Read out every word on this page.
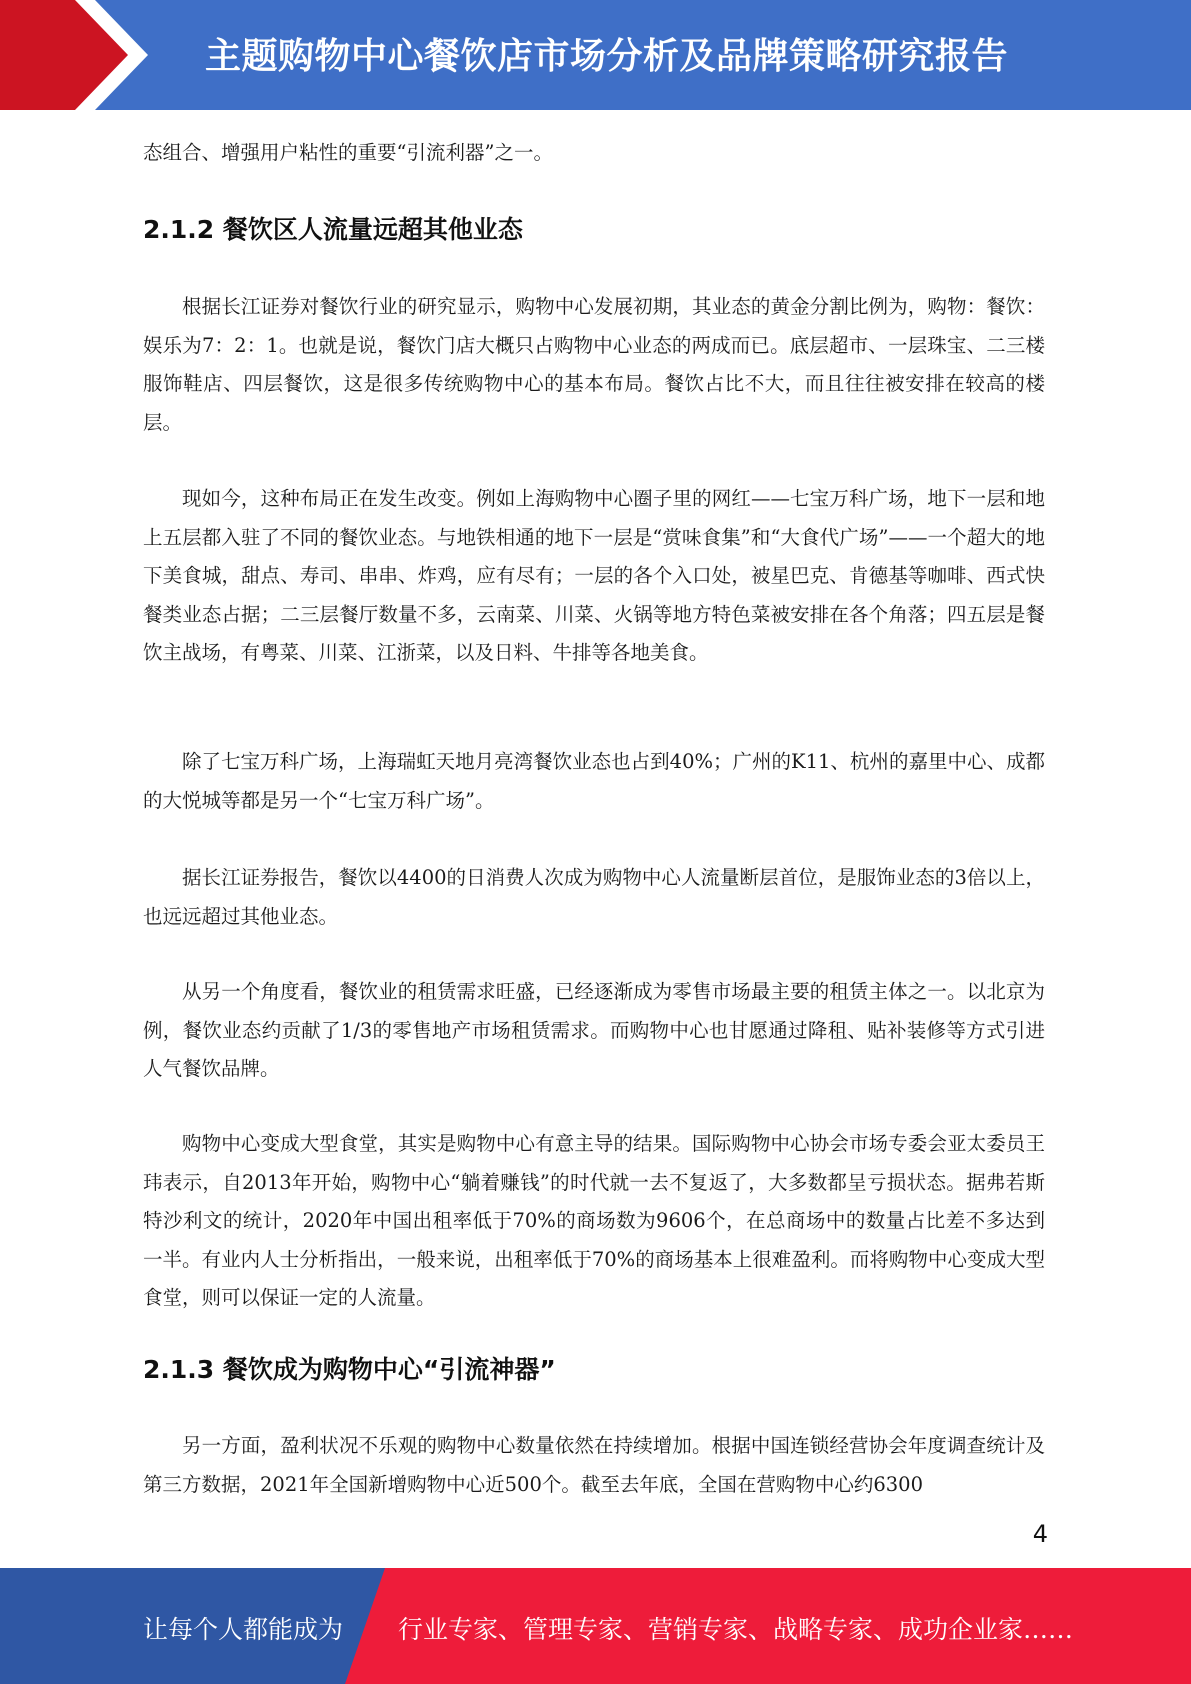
主题购物中心餐饮店市场分析及品牌策略研究报告

态组合、增强用户粘性的重要“引流利器”之一。

2.1.2 餐饮区人流量远超其他业态

根据长江证券对餐饮行业的研究显示，购物中心发展初期，其业态的黄金分割比例为，购物：餐饮：娱乐为7：2：1。也就是说，餐饮门店大概只占购物中心业态的两成而已。底层超市、一层珠宝、二三楼服饰鞋店、四层餐饮，这是很多传统购物中心的基本布局。餐饮占比不大，而且往往被安排在较高的楼层。

现如今，这种布局正在发生改变。例如上海购物中心圈子里的网红——七宝万科广场，地下一层和地上五层都入驻了不同的餐饮业态。与地铁相通的地下一层是“赏味食集”和“大食代广场”——一个超大的地下美食城，甜点、寿司、串串、炸鸡，应有尽有；一层的各个入口处，被星巴克、肯德基等咖啡、西式快餐类业态占据；二三层餐厅数量不多，云南菜、川菜、火锅等地方特色菜被安排在各个角落；四五层是餐饮主战场，有粤菜、川菜、江浙菜，以及日料、牛排等各地美食。

除了七宝万科广场，上海瑞虹天地月亮湾餐饮业态也占到40%；广州的K11、杭州的嘉里中心、成都的大悦城等都是另一个“七宝万科广场”。

据长江证券报告，餐饮以4400的日消费人次成为购物中心人流量断层首位，是服饰业态的3倍以上，也远远超过其他业态。

从另一个角度看，餐饮业的租赁需求旺盛，已经逐渐成为零售市场最主要的租赁主体之一。以北京为例，餐饮业态约贡献了1/3的零售地产市场租赁需求。而购物中心也甘愿通过降租、贴补装修等方式引进人气餐饮品牌。

购物中心变成大型食堂，其实是购物中心有意主导的结果。国际购物中心协会市场专委会亚太委员王玮表示，自2013年开始，购物中心“躺着赚钱”的时代就一去不复返了，大多数都呈亏损状态。据弗若斯特沙利文的统计，2020年中国出租率低于70%的商场数为9606个，在总商场中的数量占比差不多达到一半。有业内人士分析指出，一般来说，出租率低于70%的商场基本上很难盈利。而将购物中心变成大型食堂，则可以保证一定的人流量。

2.1.3 餐饮成为购物中心“引流神器”

另一方面，盈利状况不乐观的购物中心数量依然在持续增加。根据中国连锁经营协会年度调查统计及第三方数据，2021年全国新增购物中心近500个。截至去年底，全国在营购物中心约6300

4
让每个人都能成为 行业专家、管理专家、营销专家、战略专家、成功企业家……
